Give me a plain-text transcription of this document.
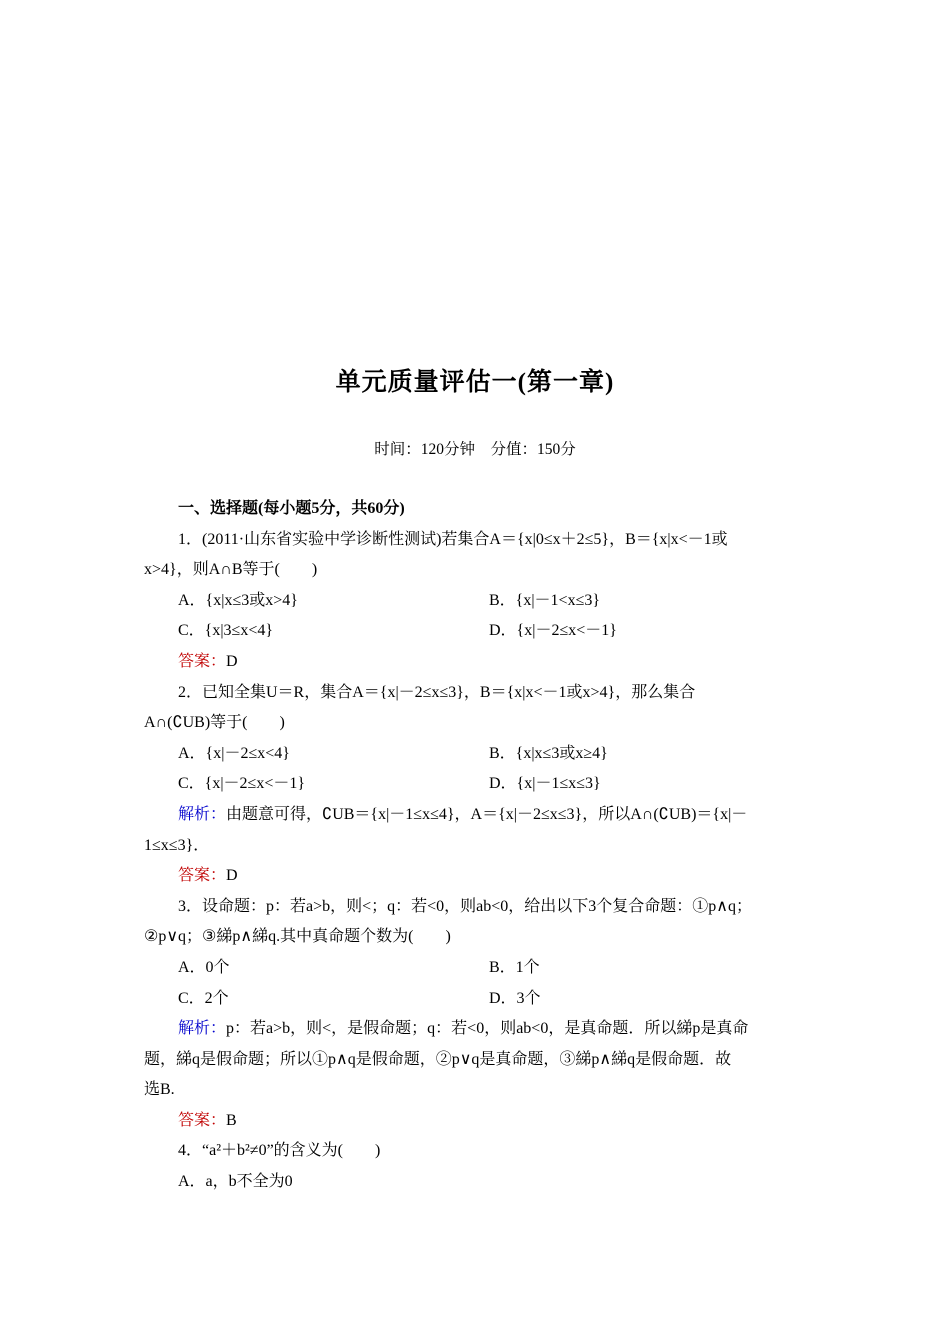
单元质量评估一(第一章)
时间：120分钟　分值：150分
一、选择题(每小题5分，共60分)
1．(2011·山东省实验中学诊断性测试)若集合A＝{x|0≤x＋2≤5}，B＝{x|x<－1或
x>4}，则A∩B等于(　　)
A．{x|x≤3或x>4}	B．{x|－1<x≤3}
C．{x|3≤x<4}	D．{x|－2≤x<－1}
答案：D
2．已知全集U＝R，集合A＝{x|－2≤x≤3}，B＝{x|x<－1或x>4}，那么集合
A∩(∁UB)等于(　　)
A．{x|－2≤x<4}	B．{x|x≤3或x≥4}
C．{x|－2≤x<－1}	D．{x|－1≤x≤3}
解析：由题意可得，∁UB＝{x|－1≤x≤4}，A＝{x|－2≤x≤3}，所以A∩(∁UB)＝{x|－
1≤x≤3}．
答案：D
3．设命题：p：若a>b，则<；q：若<0，则ab<0，给出以下3个复合命题：①p∧q；
②p∨q；③綈p∧綈q.其中真命题个数为(　　)
A．0个	B．1个
C．2个	D．3个
解析：p：若a>b，则<，是假命题；q：若<0，则ab<0，是真命题．所以綈p是真命
题，綈q是假命题；所以①p∧q是假命题，②p∨q是真命题，③綈p∧綈q是假命题．故
选B.
答案：B
4．“a²＋b²≠0”的含义为(　　)
A．a，b不全为0
